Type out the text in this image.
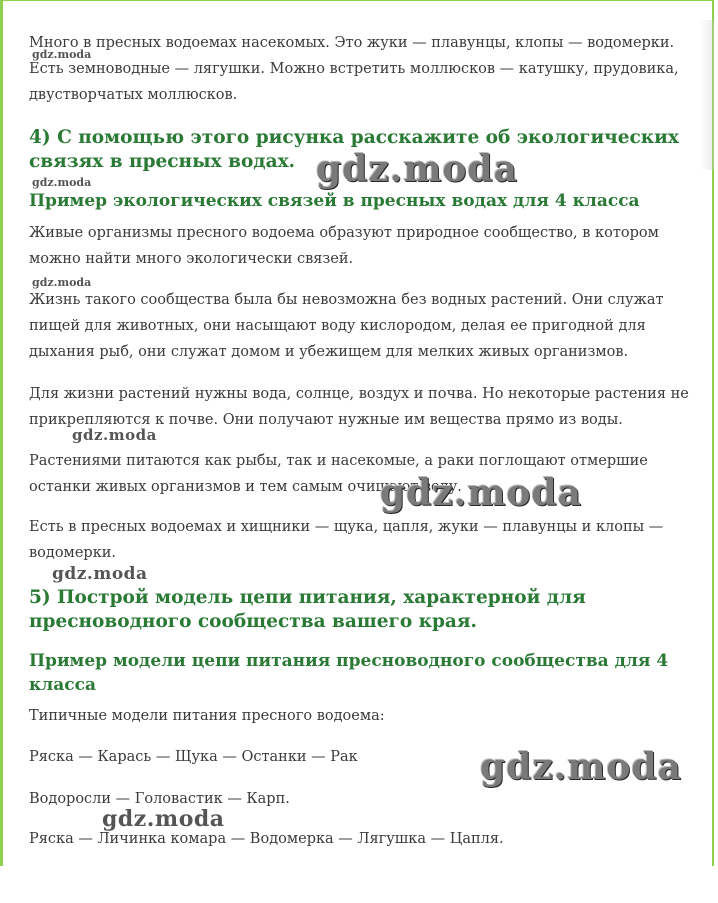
Много в пресных водоемах насекомых. Это жуки — плавунцы, клопы — водомерки. Есть земноводные — лягушки. Можно встретить моллюсков — катушку, прудовика, двустворчатых моллюсков.
4) С помощью этого рисунка расскажите об экологических связях в пресных водах.
Пример экологических связей в пресных водах для 4 класса
Живые организмы пресного водоема образуют природное сообщество, в котором можно найти много экологически связей.
Жизнь такого сообщества была бы невозможна без водных растений. Они служат пищей для животных, они насыщают воду кислородом, делая ее пригодной для дыхания рыб, они служат домом и убежищем для мелких живых организмов.
Для жизни растений нужны вода, солнце, воздух и почва. Но некоторые растения не прикрепляются к почве. Они получают нужные им вещества прямо из воды.
Растениями питаются как рыбы, так и насекомые, а раки поглощают отмершие останки живых организмов и тем самым очищают воду.
Есть в пресных водоемах и хищники — щука, цапля, жуки — плавунцы и клопы — водомерки.
5) Построй модель цепи питания, характерной для пресноводного сообщества вашего края.
Пример модели цепи питания пресноводного сообщества для 4 класса
Типичные модели питания пресного водоема:
Ряска — Карась — Щука — Останки — Рак
Водоросли — Головастик — Карп.
Ряска — Личинка комара — Водомерка — Лягушка — Цапля.
gdz.moda
gdz.moda
gdz.moda
gdz.moda
gdz.moda
gdz.moda
gdz.moda
gdz.moda
gdz.moda
